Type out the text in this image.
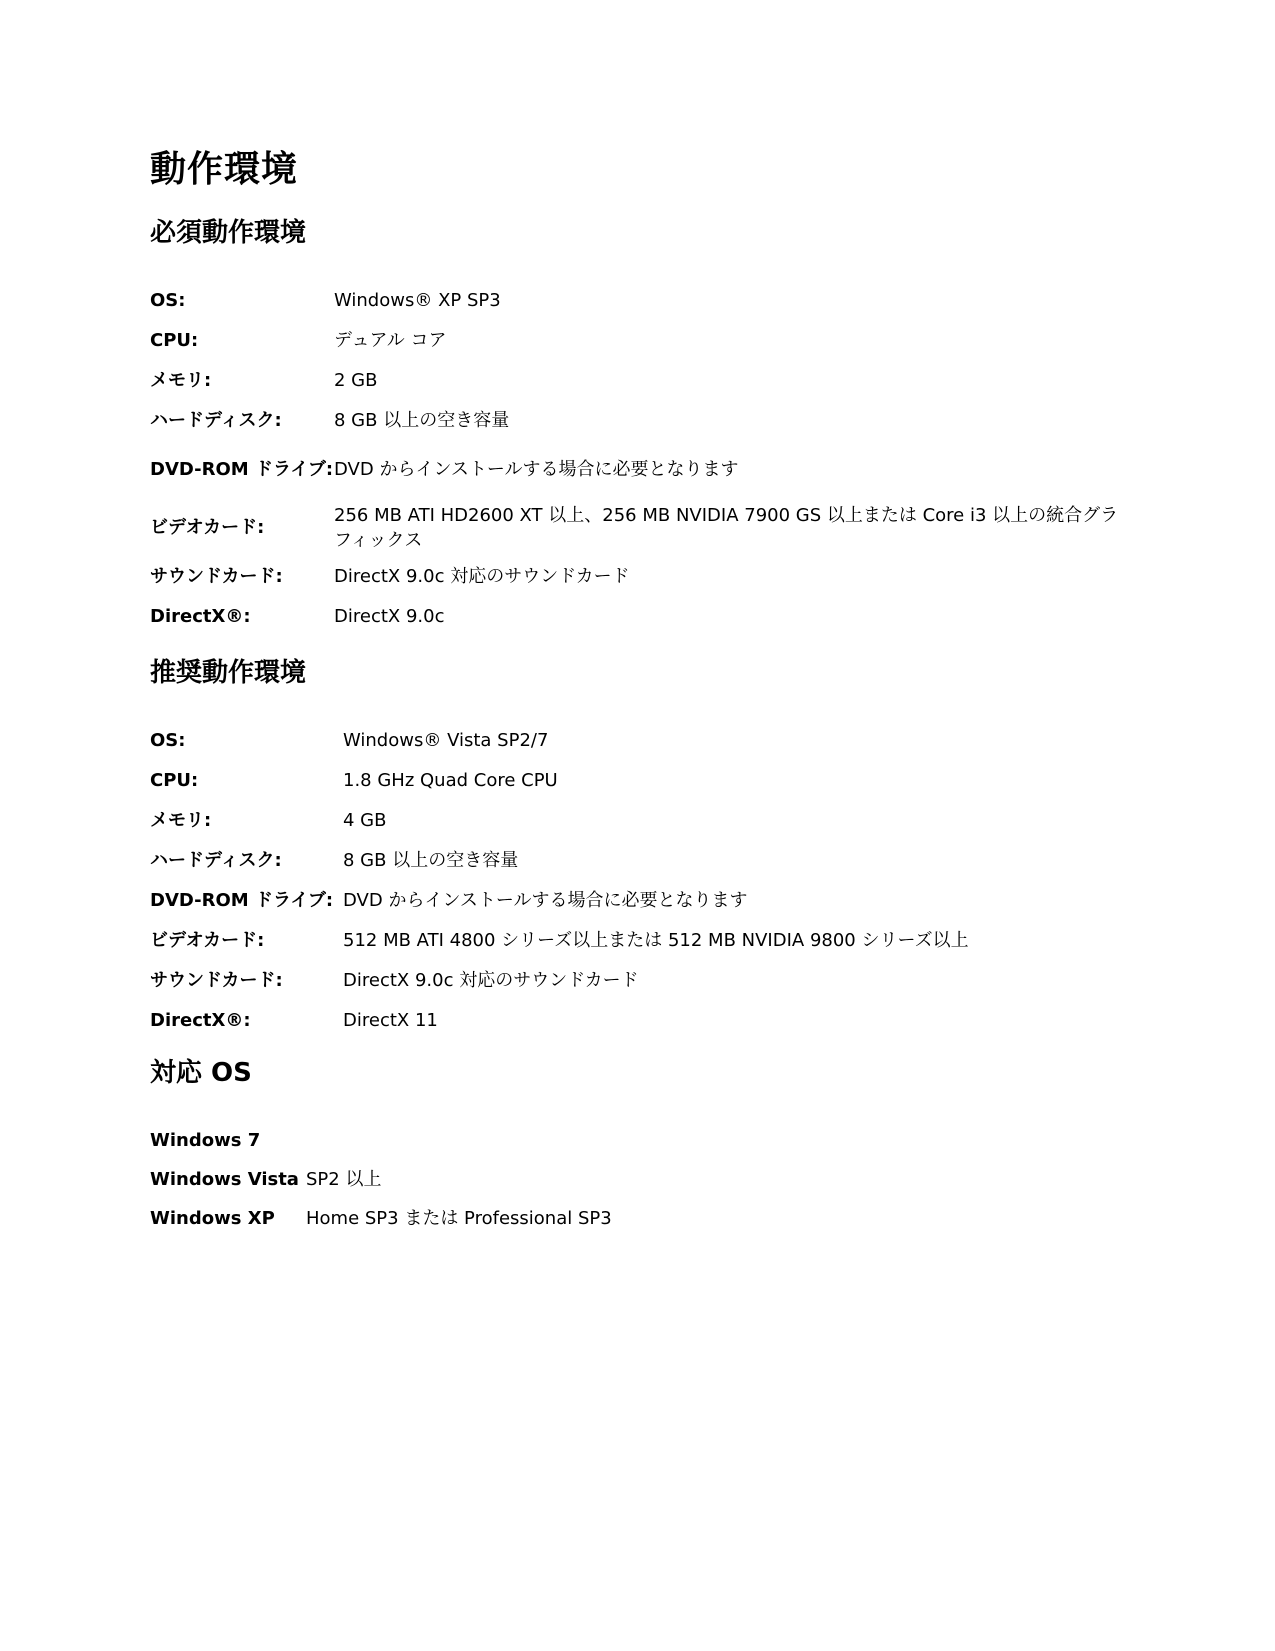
動作環境
必須動作環境
OS:	Windows® XP SP3
CPU:	デュアル コア
メモリ:	2 GB
ハードディスク:	8 GB 以上の空き容量
DVD-ROM ドライブ:	DVD からインストールする場合に必要となります
ビデオカード:	256 MB ATI HD2600 XT 以上、256 MB NVIDIA 7900 GS 以上または Core i3 以上の統合グラフィックス
サウンドカード:	DirectX 9.0c 対応のサウンドカード
DirectX®:	DirectX 9.0c
推奨動作環境
OS:	Windows® Vista SP2/7
CPU:	1.8 GHz Quad Core CPU
メモリ:	4 GB
ハードディスク:	8 GB 以上の空き容量
DVD-ROM ドライブ:	DVD からインストールする場合に必要となります
ビデオカード:	512 MB ATI 4800 シリーズ以上または 512 MB NVIDIA 9800 シリーズ以上
サウンドカード:	DirectX 9.0c 対応のサウンドカード
DirectX®:	DirectX 11
対応 OS
Windows 7	
Windows Vista	SP2 以上
Windows XP	Home SP3 または Professional SP3
